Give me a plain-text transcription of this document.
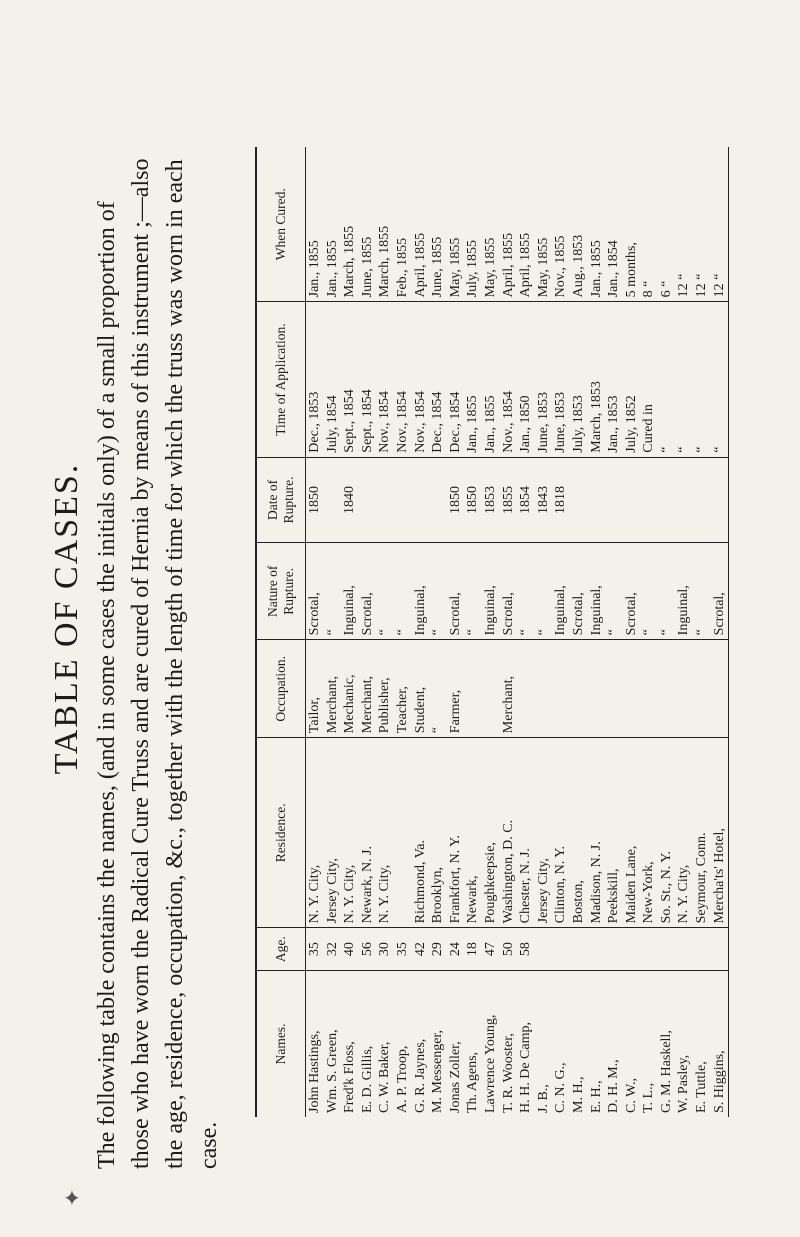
TABLE OF CASES. The following table contains the names, (and in some cases the initials only) of a small proportion of those who have worn the Radical Cure Truss and are cured of Hernia by means of this instrument ;—also the age, residence, occupation, &c., together with the length of time for which the truss was worn in each case.

Names.	Age.	Residence.	Occupation.	Nature of Rupture.	Date of Rupture.	Time of Application.	When Cured.
John Hastings,	35	N. Y. City,	Tailor,	Scrotal,	1850	Dec., 1853	Jan., 1855
Wm. S. Green,	32	Jersey City,	Merchant,	“		July, 1854	Jan., 1855
Fred'k Floss,	40	N. Y. City,	Mechanic,	Inguinal,	1840	Sept., 1854	March, 1855
E. D. Gillis,	56	Newark, N. J.	Merchant,	Scrotal,		Sept., 1854	June, 1855
C. W. Baker,	30	N. Y. City,	Publisher,	“		Nov., 1854	March, 1855
A. P. Troop,	35		Teacher,	“		Nov., 1854	Feb., 1855
G. R. Jaynes,	42	Richmond, Va.	Student,	Inguinal,		Nov., 1854	April, 1855
M. Messenger,	29	Brooklyn,	“	“		Dec., 1854	June, 1855
Jonas Zoller,	24	Frankfort, N. Y.	Farmer,	Scrotal,	1850	Dec., 1854	May, 1855
Th. Agens,	18	Newark,		“	1850	Jan., 1855	July, 1855
Lawrence Young,	47	Poughkeepsie,		Inguinal,	1853	Jan., 1855	May, 1855
T. R. Wooster,	50	Washington, D. C.	Merchant,	Scrotal,	1855	Nov., 1854	April, 1855
H. H. De Camp,	58	Chester, N. J.		“	1854	Jan., 1850	April, 1855
J. B.,		Jersey City,		“	1843	June, 1853	May, 1855
C. N. G.,		Clinton, N. Y.		Inguinal,	1818	June, 1853	Nov., 1855
M. H.,		Boston,		Scrotal,		July, 1853	Aug., 1853
E. H.,		Madison, N. J.		Inguinal,		March, 1853	Jan., 1855
D. H. M.,		Peekskill,		“		Jan., 1853	Jan., 1854
C. W.,		Maiden Lane,		Scrotal,		July, 1852	5 months,
T. L.,		New-York,		“		Cured in	8 “
G. M. Haskell,		So. St., N. Y.		“		“	6 “
W. Pasley,		N. Y. City,		Inguinal,		“	12 “
E. Tuttle,		Seymour, Conn.		“		“	12 “
S. Higgins,		Mercha'ts' Hotel,		Scrotal,		“	12 “
✦
